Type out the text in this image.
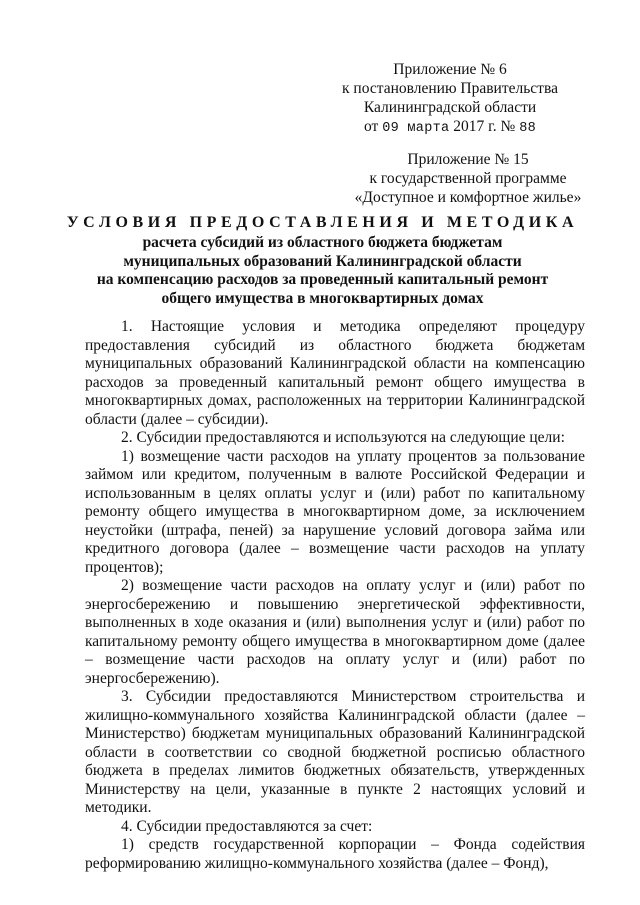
Приложение № 6
к постановлению Правительства
Калининградской области
от 09 марта 2017 г. № 88
Приложение № 15
к государственной программе
«Доступное и комфортное жилье»
УСЛОВИЯ ПРЕДОСТАВЛЕНИЯ И МЕТОДИКА
расчета субсидий из областного бюджета бюджетам
муниципальных образований Калининградской области
на компенсацию расходов за проведенный капитальный ремонт
общего имущества в многоквартирных домах

1. Настоящие условия и методика определяют процедуру предоставления субсидий из областного бюджета бюджетам муниципальных образований Калининградской области на компенсацию расходов за проведенный капитальный ремонт общего имущества в многоквартирных домах, расположенных на территории Калининградской области (далее – субсидии).

2. Субсидии предоставляются и используются на следующие цели:

1) возмещение части расходов на уплату процентов за пользование займом или кредитом, полученным в валюте Российской Федерации и использованным в целях оплаты услуг и (или) работ по капитальному ремонту общего имущества в многоквартирном доме, за исключением неустойки (штрафа, пеней) за нарушение условий договора займа или кредитного договора (далее – возмещение части расходов на уплату процентов);

2) возмещение части расходов на оплату услуг и (или) работ по энергосбережению и повышению энергетической эффективности, выполненных в ходе оказания и (или) выполнения услуг и (или) работ по капитальному ремонту общего имущества в многоквартирном доме (далее – возмещение части расходов на оплату услуг и (или) работ по энергосбережению).

3. Субсидии предоставляются Министерством строительства и жилищно-коммунального хозяйства Калининградской области (далее – Министерство) бюджетам муниципальных образований Калининградской области в соответствии со сводной бюджетной росписью областного бюджета в пределах лимитов бюджетных обязательств, утвержденных Министерству на цели, указанные в пункте 2 настоящих условий и методики.

4. Субсидии предоставляются за счет:

1) средств государственной корпорации – Фонда содействия реформированию жилищно-коммунального хозяйства (далее – Фонд),
